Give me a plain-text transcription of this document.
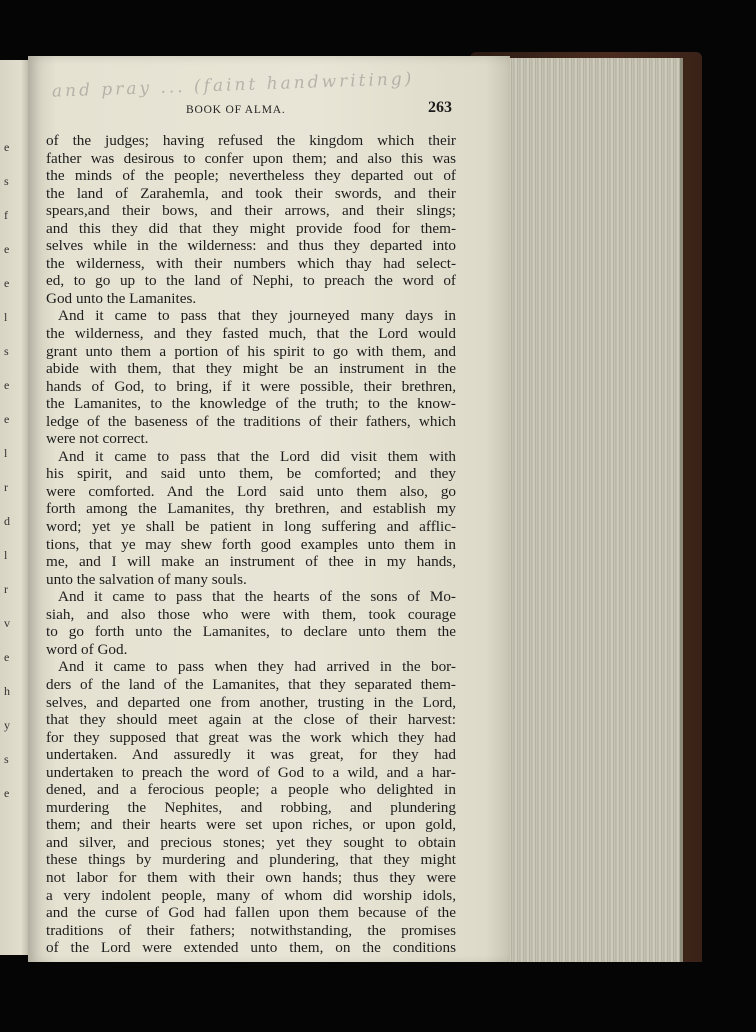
e
s
f
e
e
l
s
e
e
l
r
d
l
r
v
e
h
y
s
e
and pray ... (faint handwriting)
BOOK OF ALMA.	263
of the judges; having refused the kingdom which their
father was desirous to confer upon them; and also this was
the minds of the people; nevertheless they departed out of
the land of Zarahemla, and took their swords, and their
spears,and their bows, and their arrows, and their slings;
and this they did that they might provide food for them-
selves while in the wilderness: and thus they departed into
the wilderness, with their numbers which thay had select-
ed, to go up to the land of Nephi, to preach the word of
God unto the Lamanites.
And it came to pass that they journeyed many days in
the wilderness, and they fasted much, that the Lord would
grant unto them a portion of his spirit to go with them, and
abide with them, that they might be an instrument in the
hands of God, to bring, if it were possible, their brethren,
the Lamanites, to the knowledge of the truth; to the know-
ledge of the baseness of the traditions of their fathers, which
were not correct.
And it came to pass that the Lord did visit them with
his spirit, and said unto them, be comforted; and they
were comforted. And the Lord said unto them also, go
forth among the Lamanites, thy brethren, and establish my
word; yet ye shall be patient in long suffering and afflic-
tions, that ye may shew forth good examples unto them in
me, and I will make an instrument of thee in my hands,
unto the salvation of many souls.
And it came to pass that the hearts of the sons of Mo-
siah, and also those who were with them, took courage
to go forth unto the Lamanites, to declare unto them the
word of God.
And it came to pass when they had arrived in the bor-
ders of the land of the Lamanites, that they separated them-
selves, and departed one from another, trusting in the Lord,
that they should meet again at the close of their harvest:
for they supposed that great was the work which they had
undertaken. And assuredly it was great, for they had
undertaken to preach the word of God to a wild, and a har-
dened, and a ferocious people; a people who delighted in
murdering the Nephites, and robbing, and plundering
them; and their hearts were set upon riches, or upon gold,
and silver, and precious stones; yet they sought to obtain
these things by murdering and plundering, that they might
not labor for them with their own hands; thus they were
a very indolent people, many of whom did worship idols,
and the curse of God had fallen upon them because of the
traditions of their fathers; notwithstanding, the promises
of the Lord were extended unto them, on the conditions
